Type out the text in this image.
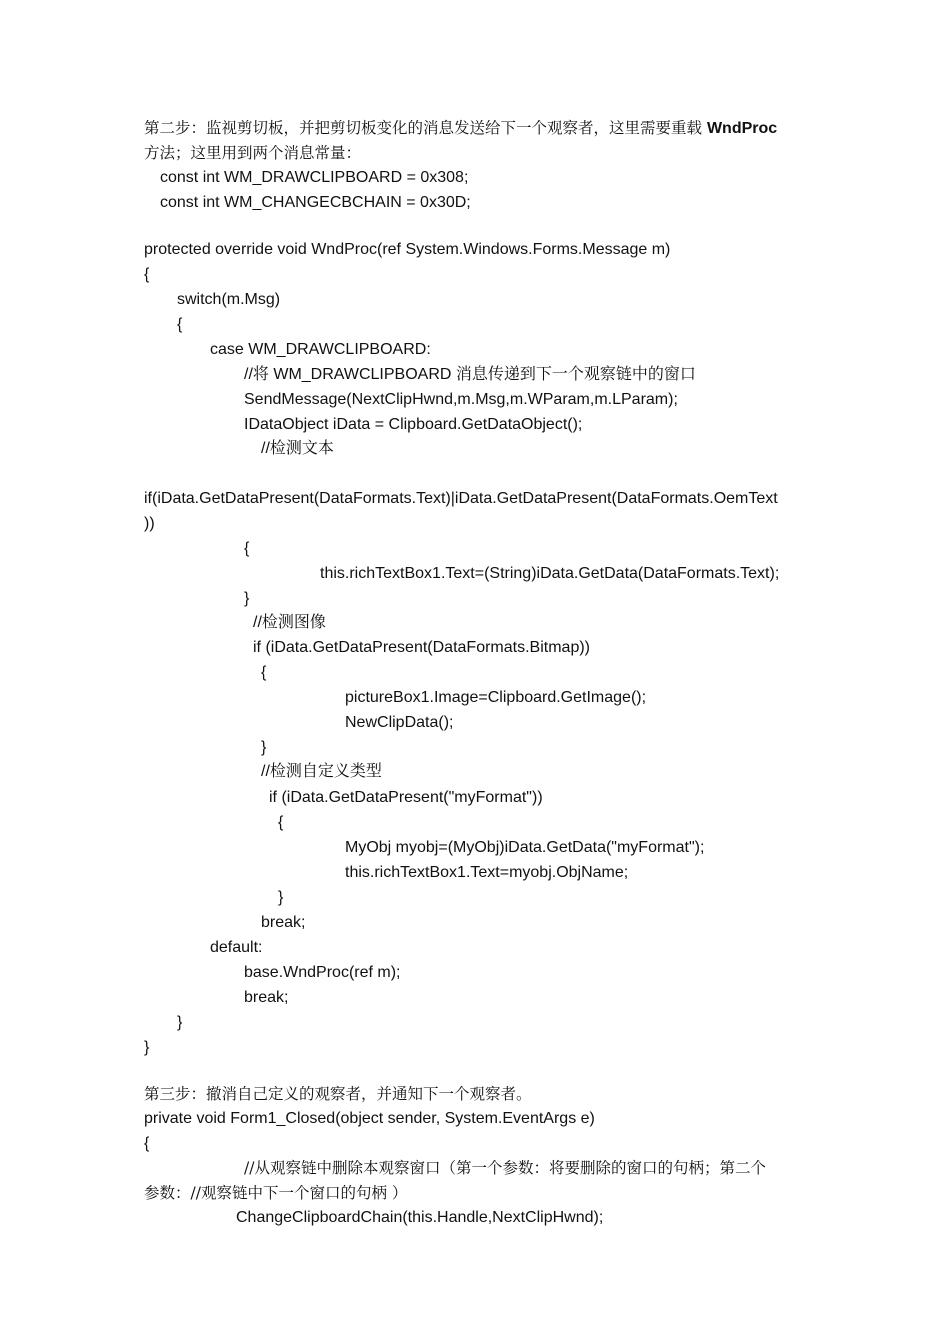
第二步：监视剪切板，并把剪切板变化的消息发送给下一个观察者，这里需要重载 WndProc
方法；这里用到两个消息常量：
const int WM_DRAWCLIPBOARD = 0x308;
const int WM_CHANGECBCHAIN = 0x30D;
protected override void WndProc(ref System.Windows.Forms.Message m)
{
switch(m.Msg)
{
case WM_DRAWCLIPBOARD:
//将 WM_DRAWCLIPBOARD 消息传递到下一个观察链中的窗口
SendMessage(NextClipHwnd,m.Msg,m.WParam,m.LParam);
IDataObject iData = Clipboard.GetDataObject();
//检测文本
if(iData.GetDataPresent(DataFormats.Text)|iData.GetDataPresent(DataFormats.OemText
))
{
this.richTextBox1.Text=(String)iData.GetData(DataFormats.Text);
}
//检测图像
if (iData.GetDataPresent(DataFormats.Bitmap))
{
pictureBox1.Image=Clipboard.GetImage();
NewClipData();
}
//检测自定义类型
if (iData.GetDataPresent("myFormat"))
{
MyObj myobj=(MyObj)iData.GetData("myFormat");
this.richTextBox1.Text=myobj.ObjName;
}
break;
default:
base.WndProc(ref m);
break;
}
}
第三步：撤消自己定义的观察者，并通知下一个观察者。
private void Form1_Closed(object sender, System.EventArgs e)
{
//从观察链中删除本观察窗口（第一个参数：将要删除的窗口的句柄；第二个
参数：//观察链中下一个窗口的句柄 ）
ChangeClipboardChain(this.Handle,NextClipHwnd);
